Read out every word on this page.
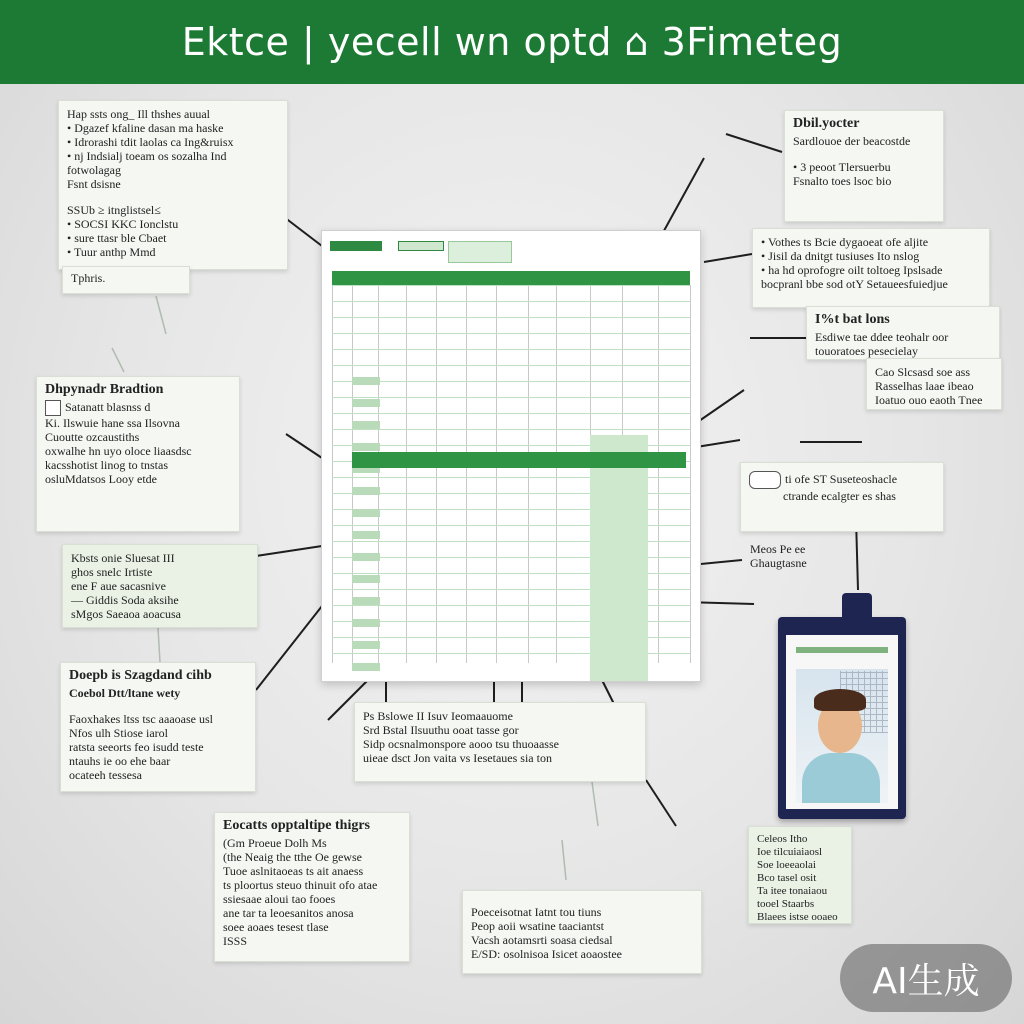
Ektce | yecell wn optd ⌂ 3Fimeteg
Hap ssts ong_ Ill thshes auual
• Dgazef kfaline dasan ma haske
• Idrorashi tdit laolas ca Ing&ruisx
• nj Indsialj toeam os sozalha Ind
fotwolagag
Fsnt dsisne
SSUb ≥ itnglistsel≤
• SOCSI KKC Ionclstu
• sure ttasr ble Cbaet
• Tuur anthp Mmd
Tphris.
Dhpynadr Bradtion
Satanatt blasnss d
Ki. Ilswuie hane ssa Ilsovna
Cuoutte ozcaustiths
oxwalhe hn uyo oloce liaasdsc
kacsshotist linog to tnstas
osluMdatsos Looy etde
Kbsts onie Sluesat III
ghos snelc Irtiste
ene F aue sacasnive
— Giddis Soda aksihe
sMgos Saeaoa aoacusa
Doepb is Szagdand cihb
Coebol Dtt/ltane wety
Faoxhakes ltss tsc aaaoase usl
Nfos ulh Stiose iarol
ratsta seeorts feo isudd teste
ntauhs ie oo ehe baar
ocateeh tessesa
Eocatts opptaltipe thigrs
(Gm Proeue Dolh Ms
(the Neaig the tthe Oe gewse
Tuoe aslnitaoeas ts ait anaess
ts ploortus steuo thinuit ofo atae
ssiesaae aloui tao fooes
ane tar ta leoesanitos anosa
soee aoaes tesest tlase
ISSS
Ps Bslowe II Isuv Ieomaauome
Srd Bstal Ilsuuthu ooat tasse gor
Sidp ocsnalmonspore aooo tsu thuoaasse
uieae dsct Jon vaita vs Iesetaues sia ton
Poeceisotnat Iatnt tou tiuns
Peop aoii wsatine taaciantst
Vacsh aotamsrti soasa ciedsal
E/SD: osolnisoa Isicet aoaostee
Dbil.yocter
Sardlouoe der beacostde
• 3 peoot Tlersuerbu
Fsnalto toes lsoc bio
• Vothes ts Bcie dygaoeat ofe aljite
• Jisil da dnitgt tusiuses Ito nslog
• ha hd oprofogre oilt toltoeg Ipslsade
bocpranl bbe sod otY Setaueesfuiedjue
I%t bat lons
Esdiwe tae ddee teohalr oor
touoratoes pesecielay
Cao Slcsasd soe ass
Rasselhas laae ibeao
Ioatuo ouo eaoth Tnee
ti ofe ST Suseteoshacle
ctrande ecalgter es shas
Meos Pe ee
Ghaugtasne
Celeos Itho
Ioe tilcuiaiaosl
Soe loeeaolai
Bco tasel osit
Ta itee tonaiaou
tooel Staarbs
Blaees istse ooaeo
AI生成
